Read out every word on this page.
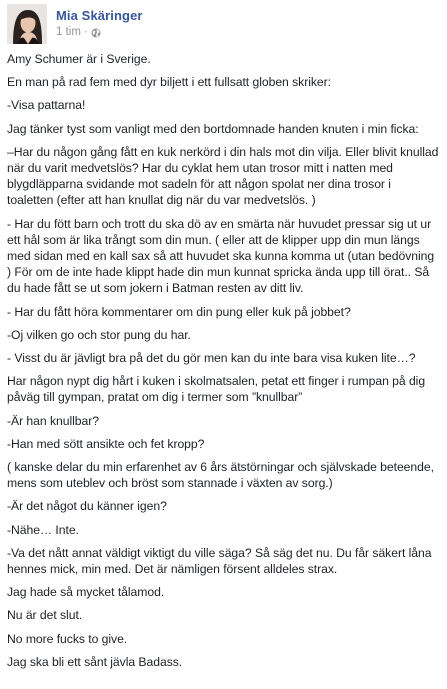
Mia Skäringer
1 tim ·

Amy Schumer är i Sverige.

En man på rad fem med dyr biljett i ett fullsatt globen skriker:

-Visa pattarna!

Jag tänker tyst som vanligt med den bortdomnade handen knuten i min ficka:

–Har du någon gång fått en kuk nerkörd i din hals mot din vilja. Eller blivit knullad när du varit medvetslös? Har du cyklat hem utan trosor mitt i natten med blygdläpparna svidande mot sadeln för att någon spolat ner dina trosor i toaletten (efter att han knullat dig när du var medvetslös. )

- Har du fött barn och trott du ska dö av en smärta när huvudet pressar sig ut ur ett hål som är lika trångt som din mun. ( eller att de klipper upp din mun längs med sidan med en kall sax så att huvudet ska kunna komma ut (utan bedövning ) För om de inte hade klippt hade din mun kunnat spricka ända upp till örat.. Så du hade fått se ut som jokern i Batman resten av ditt liv.

- Har du fått höra kommentarer om din pung eller kuk på jobbet?

-Oj vilken go och stor pung du har.

- Visst du är jävligt bra på det du gör men kan du inte bara visa kuken lite…?

Har någon nypt dig hårt i kuken i skolmatsalen, petat ett finger i rumpan på dig påväg till gympan, pratat om dig i termer som ”knullbar”

-Är han knullbar?

-Han med sött ansikte och fet kropp?

( kanske delar du min erfarenhet av 6 års ätstörningar och självskade beteende, mens som uteblev och bröst som stannade i växten av sorg.)

-Är det något du känner igen?

-Nähe… Inte.

-Va det nått annat väldigt viktigt du ville säga? Så säg det nu. Du får säkert låna hennes mick, min med. Det är nämligen försent alldeles strax.

Jag hade så mycket tålamod.

Nu är det slut.

No more fucks to give.

Jag ska bli ett sånt jävla Badass.
